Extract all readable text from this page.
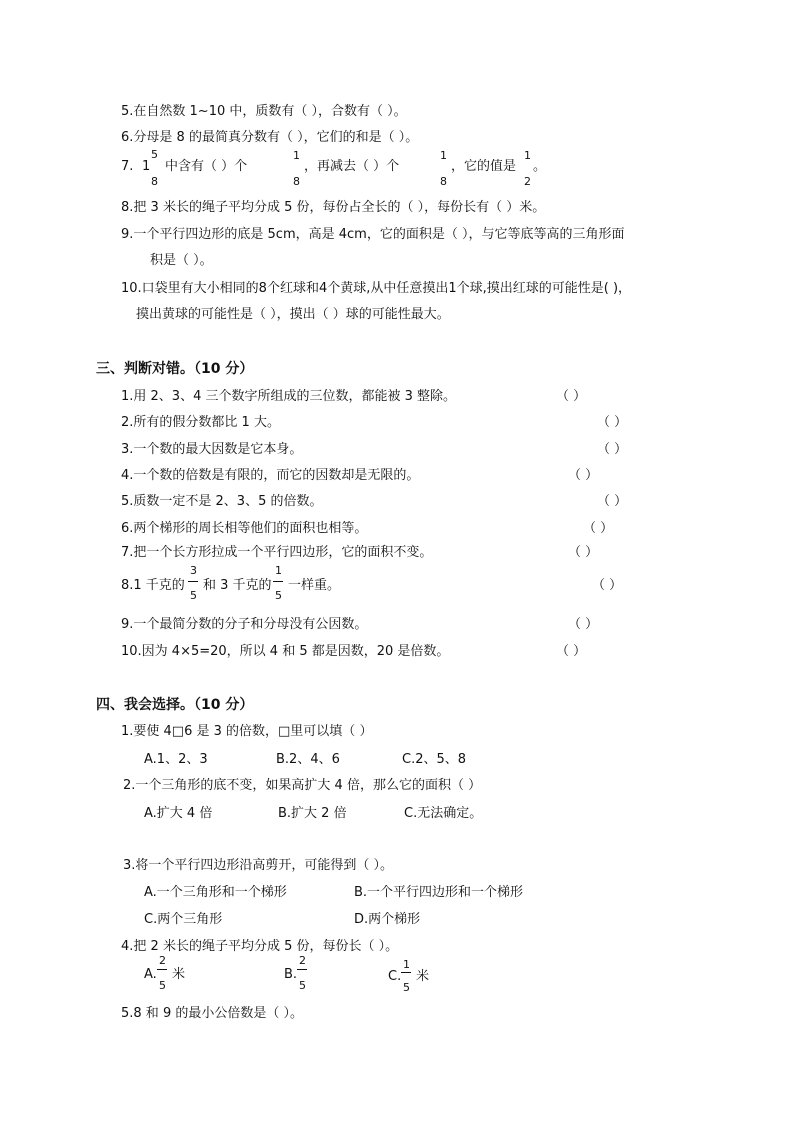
5.在自然数 1~10 中，质数有（ ），合数有（ ）。
6.分母是 8 的最简真分数有（ ），它们的和是（ ）。
7. 1
5
8
中含有（ ）个
1
8
，再减去（ ）个
1
8
，它的值是
1
2
。
8.把 3 米长的绳子平均分成 5 份，每份占全长的（ ），每份长有（ ）米。
9.一个平行四边形的底是 5cm，高是 4cm，它的面积是（ ），与它等底等高的三角形面
积是（ ）。
10.口袋里有大小相同的8个红球和4个黄球,从中任意摸出1个球,摸出红球的可能性是( )，
摸出黄球的可能性是（ ），摸出（ ）球的可能性最大。
三、判断对错。（10 分）
1.用 2、3、4 三个数字所组成的三位数，都能被 3 整除。	（ ）
2.所有的假分数都比 1 大。	（ ）
3.一个数的最大因数是它本身。	（ ）
4.一个数的倍数是有限的，而它的因数却是无限的。	（ ）
5.质数一定不是 2、3、5 的倍数。	（ ）
6.两个梯形的周长相等他们的面积也相等。	（ ）
7.把一个长方形拉成一个平行四边形，它的面积不变。	（ ）
8.1 千克的
3
5
和 3 千克的
1
5
一样重。	（ ）
9.一个最简分数的分子和分母没有公因数。	（ ）
10.因为 4×5=20，所以 4 和 5 都是因数，20 是倍数。	（ ）
四、我会选择。（10 分）
1.要使 4□6 是 3 的倍数，□里可以填（ ）
A.1、2、3	B.2、4、6	C.2、5、8
2.一个三角形的底不变，如果高扩大 4 倍，那么它的面积（ ）
A.扩大 4 倍	B.扩大 2 倍	C.无法确定。
3.将一个平行四边形沿高剪开，可能得到（ ）。
A.一个三角形和一个梯形	B.一个平行四边形和一个梯形
C.两个三角形	D.两个梯形
4.把 2 米长的绳子平均分成 5 份，每份长（ ）。
A.
2
5
米	B.
2
5
C.
1
5
米
5.8 和 9 的最小公倍数是（ ）。
